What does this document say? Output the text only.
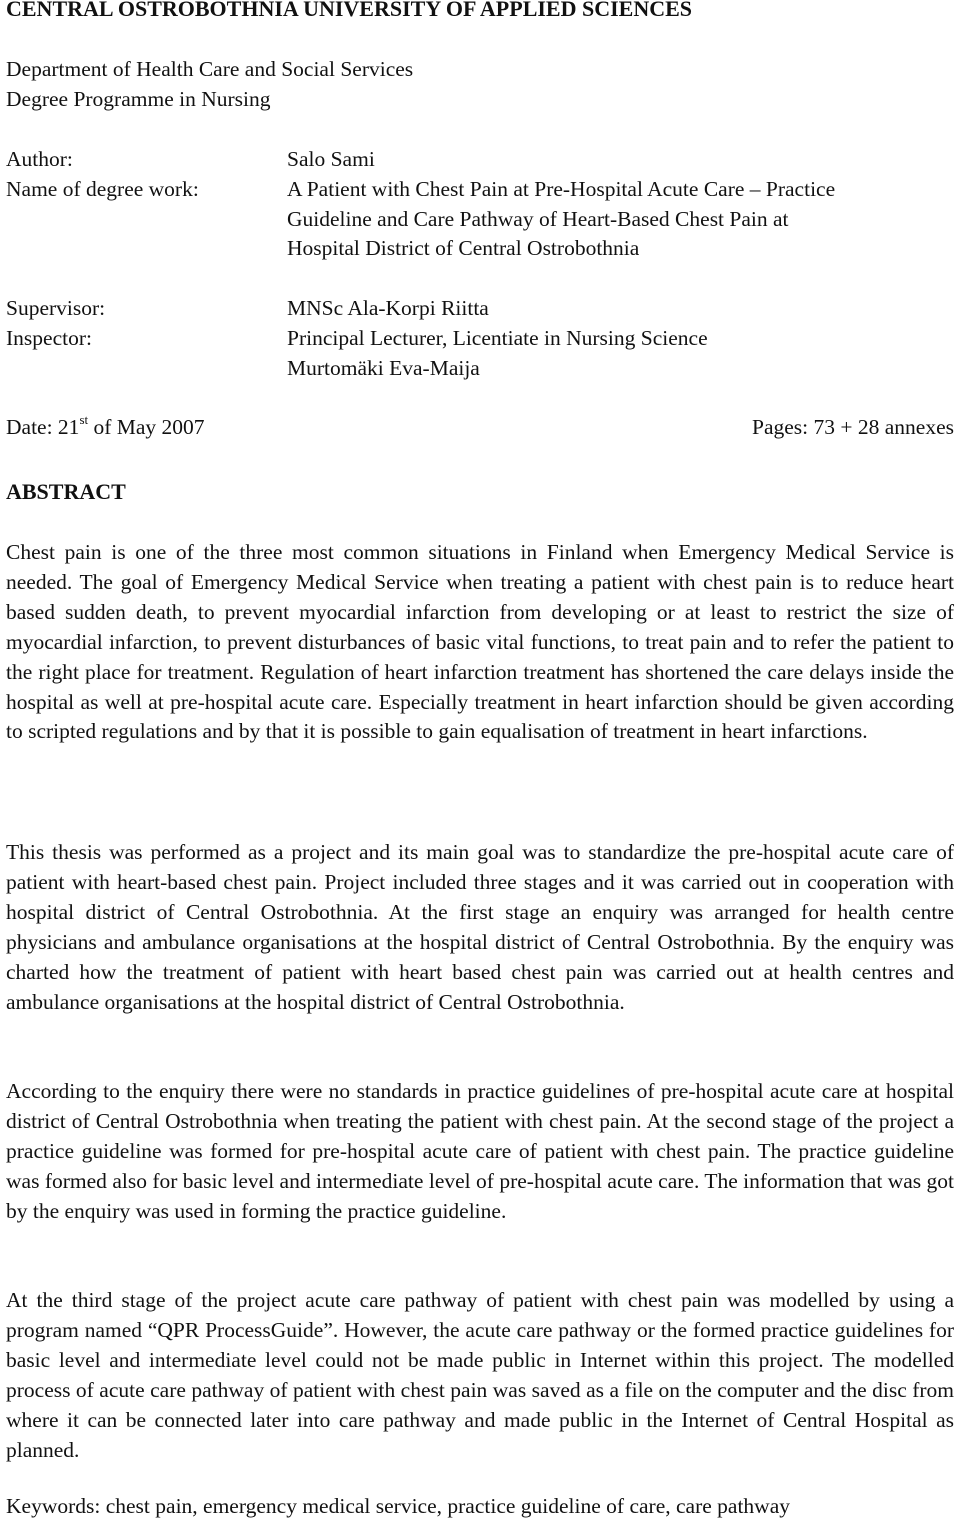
CENTRAL OSTROBOTHNIA UNIVERSITY OF APPLIED SCIENCES
Department of Health Care and Social Services
Degree Programme in Nursing
Author:
Name of degree work:
Salo Sami
A Patient with Chest Pain at Pre-Hospital Acute Care – Practice
Guideline and Care Pathway of Heart-Based Chest Pain at
Hospital District of Central Ostrobothnia
Supervisor:
Inspector:
MNSc Ala-Korpi Riitta
Principal Lecturer, Licentiate in Nursing Science
Murtomäki Eva-Maija
Date: 21st of May 2007	Pages: 73 + 28 annexes
ABSTRACT

Chest pain is one of the three most common situations in Finland when Emergency Medical Service is needed. The goal of Emergency Medical Service when treating a patient with chest pain is to reduce heart based sudden death, to prevent myocardial infarction from developing or at least to restrict the size of myocardial infarction, to prevent disturbances of basic vital functions, to treat pain and to refer the patient to the right place for treatment. Regulation of heart infarction treatment has shortened the care delays inside the hospital as well at pre-hospital acute care. Especially treatment in heart infarction should be given according to scripted regulations and by that it is possible to gain equalisation of treatment in heart infarctions.

This thesis was performed as a project and its main goal was to standardize the pre-hospital acute care of patient with heart-based chest pain. Project included three stages and it was carried out in cooperation with hospital district of Central Ostrobothnia. At the first stage an enquiry was arranged for health centre physicians and ambulance organisations at the hospital district of Central Ostrobothnia. By the enquiry was charted how the treatment of patient with heart based chest pain was carried out at health centres and ambulance organisations at the hospital district of Central Ostrobothnia.

According to the enquiry there were no standards in practice guidelines of pre-hospital acute care at hospital district of Central Ostrobothnia when treating the patient with chest pain. At the second stage of the project a practice guideline was formed for pre-hospital acute care of patient with chest pain. The practice guideline was formed also for basic level and intermediate level of pre-hospital acute care. The information that was got by the enquiry was used in forming the practice guideline.

At the third stage of the project acute care pathway of patient with chest pain was modelled by using a program named “QPR ProcessGuide”. However, the acute care pathway or the formed practice guidelines for basic level and intermediate level could not be made public in Internet within this project. The modelled process of acute care pathway of patient with chest pain was saved as a file on the computer and the disc from where it can be connected later into care pathway and made public in the Internet of Central Hospital as planned.

Keywords: chest pain, emergency medical service, practice guideline of care, care pathway
